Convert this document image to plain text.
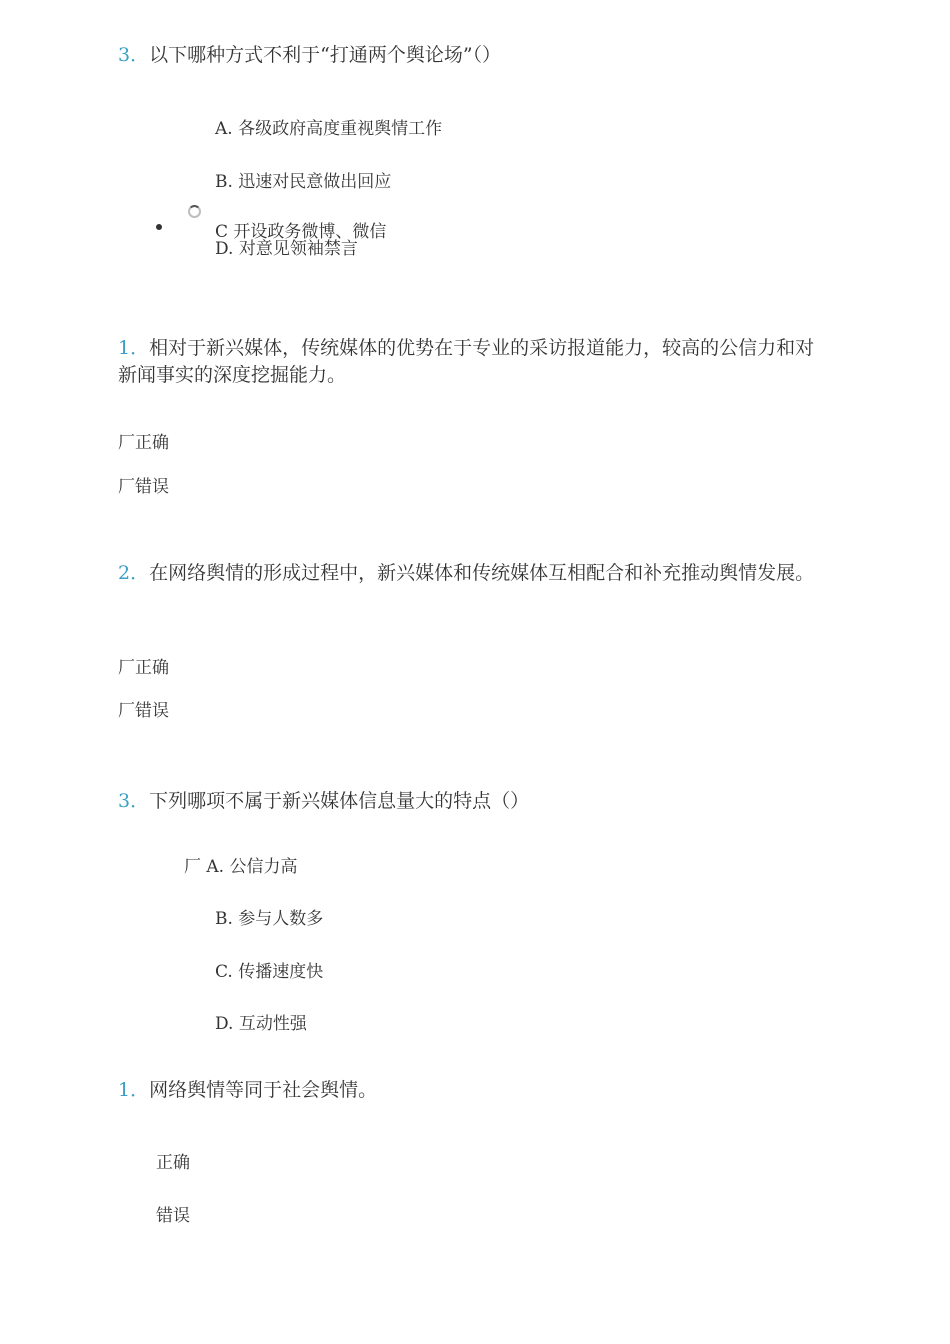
3．以下哪种方式不利于“打通两个舆论场”（）
A. 各级政府高度重视舆情工作
B. 迅速对民意做出回应
C 开设政务微博、微信
D. 对意见领袖禁言
1．相对于新兴媒体，传统媒体的优势在于专业的采访报道能力，较高的公信力和对新闻事实的深度挖掘能力。
厂正确
厂错误
2．在网络舆情的形成过程中，新兴媒体和传统媒体互相配合和补充推动舆情发展。
厂正确
厂错误
3．下列哪项不属于新兴媒体信息量大的特点（）
厂 A. 公信力高
B. 参与人数多
C. 传播速度快
D. 互动性强
1．网络舆情等同于社会舆情。
正确
错误
